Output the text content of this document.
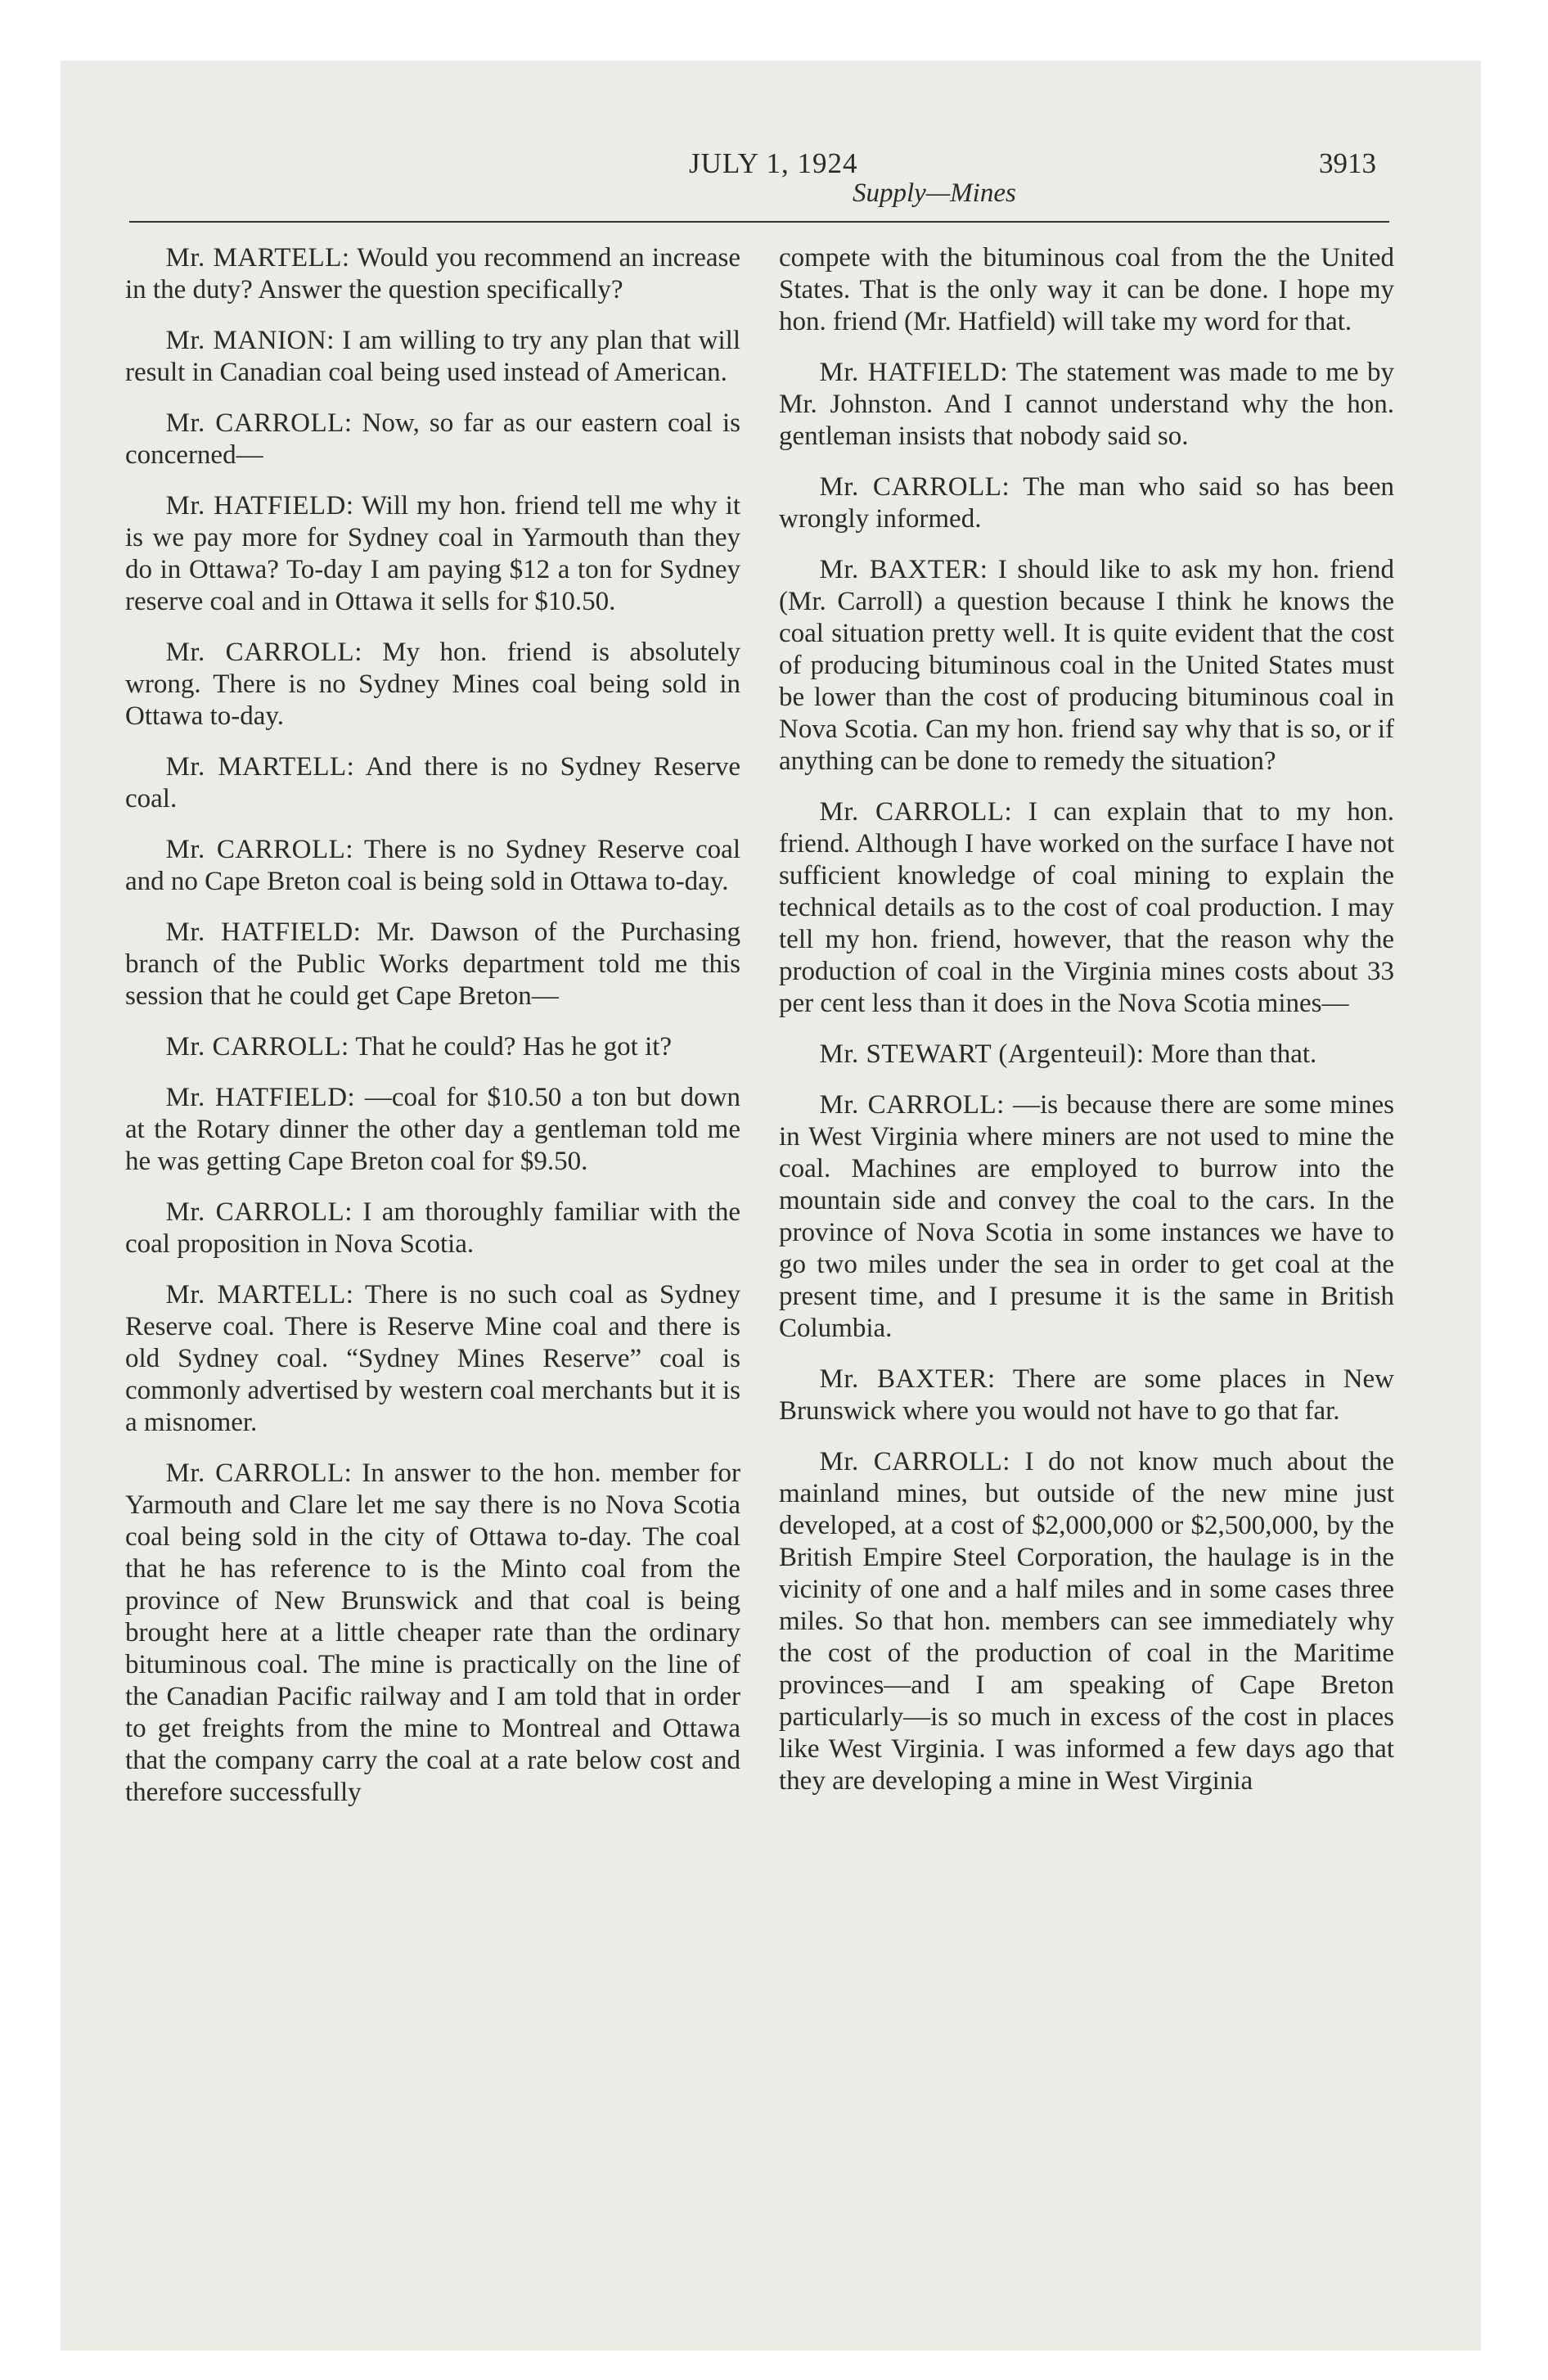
JULY 1, 1924
Supply—Mines
3913

Mr. MARTELL: Would you recommend an increase in the duty? Answer the question specifically?

Mr. MANION: I am willing to try any plan that will result in Canadian coal being used instead of American.

Mr. CARROLL: Now, so far as our eastern coal is concerned—

Mr. HATFIELD: Will my hon. friend tell me why it is we pay more for Sydney coal in Yarmouth than they do in Ottawa? To-day I am paying $12 a ton for Sydney reserve coal and in Ottawa it sells for $10.50.

Mr. CARROLL: My hon. friend is absolutely wrong. There is no Sydney Mines coal being sold in Ottawa to-day.

Mr. MARTELL: And there is no Sydney Reserve coal.

Mr. CARROLL: There is no Sydney Reserve coal and no Cape Breton coal is being sold in Ottawa to-day.

Mr. HATFIELD: Mr. Dawson of the Purchasing branch of the Public Works department told me this session that he could get Cape Breton—

Mr. CARROLL: That he could? Has he got it?

Mr. HATFIELD: —coal for $10.50 a ton but down at the Rotary dinner the other day a gentleman told me he was getting Cape Breton coal for $9.50.

Mr. CARROLL: I am thoroughly familiar with the coal proposition in Nova Scotia.

Mr. MARTELL: There is no such coal as Sydney Reserve coal. There is Reserve Mine coal and there is old Sydney coal. “Sydney Mines Reserve” coal is commonly advertised by western coal merchants but it is a misnomer.

Mr. CARROLL: In answer to the hon. member for Yarmouth and Clare let me say there is no Nova Scotia coal being sold in the city of Ottawa to-day. The coal that he has reference to is the Minto coal from the province of New Brunswick and that coal is being brought here at a little cheaper rate than the ordinary bituminous coal. The mine is practically on the line of the Canadian Pacific railway and I am told that in order to get freights from the mine to Montreal and Ottawa that the company carry the coal at a rate below cost and therefore successfully

compete with the bituminous coal from the the United States. That is the only way it can be done. I hope my hon. friend (Mr. Hatfield) will take my word for that.

Mr. HATFIELD: The statement was made to me by Mr. Johnston. And I cannot understand why the hon. gentleman insists that nobody said so.

Mr. CARROLL: The man who said so has been wrongly informed.

Mr. BAXTER: I should like to ask my hon. friend (Mr. Carroll) a question because I think he knows the coal situation pretty well. It is quite evident that the cost of producing bituminous coal in the United States must be lower than the cost of producing bituminous coal in Nova Scotia. Can my hon. friend say why that is so, or if anything can be done to remedy the situation?

Mr. CARROLL: I can explain that to my hon. friend. Although I have worked on the surface I have not sufficient knowledge of coal mining to explain the technical details as to the cost of coal production. I may tell my hon. friend, however, that the reason why the production of coal in the Virginia mines costs about 33 per cent less than it does in the Nova Scotia mines—

Mr. STEWART (Argenteuil): More than that.

Mr. CARROLL: —is because there are some mines in West Virginia where miners are not used to mine the coal. Machines are employed to burrow into the mountain side and convey the coal to the cars. In the province of Nova Scotia in some instances we have to go two miles under the sea in order to get coal at the present time, and I presume it is the same in British Columbia.

Mr. BAXTER: There are some places in New Brunswick where you would not have to go that far.

Mr. CARROLL: I do not know much about the mainland mines, but outside of the new mine just developed, at a cost of $2,000,000 or $2,500,000, by the British Empire Steel Corporation, the haulage is in the vicinity of one and a half miles and in some cases three miles. So that hon. members can see immediately why the cost of the production of coal in the Maritime provinces—and I am speaking of Cape Breton particularly—is so much in excess of the cost in places like West Virginia. I was informed a few days ago that they are developing a mine in West Virginia
